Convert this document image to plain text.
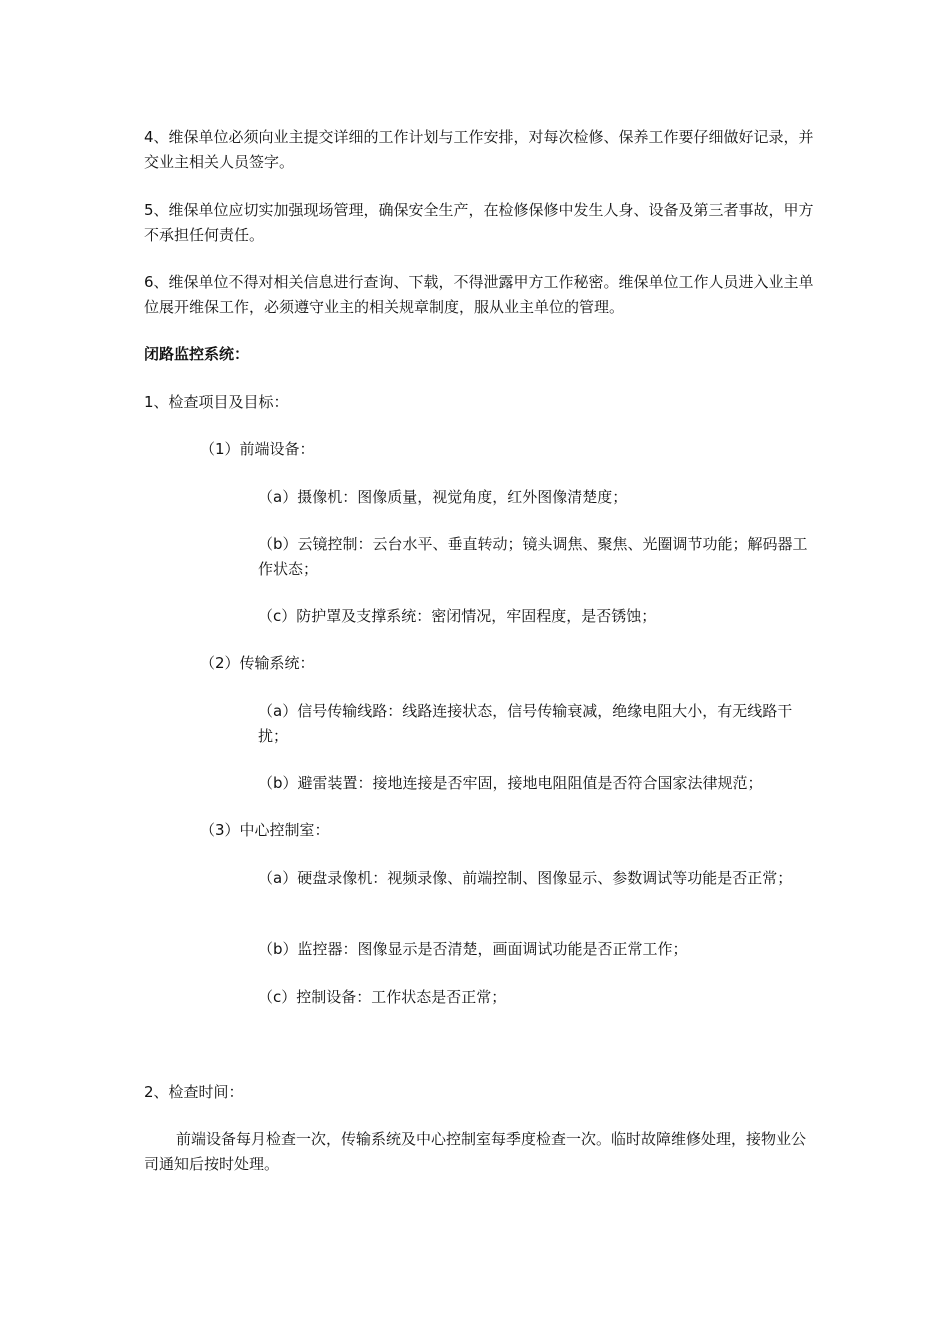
4、维保单位必须向业主提交详细的工作计划与工作安排，对每次检修、保养工作要仔细做好记录，并交业主相关人员签字。

5、维保单位应切实加强现场管理，确保安全生产，在检修保修中发生人身、设备及第三者事故，甲方不承担任何责任。

6、维保单位不得对相关信息进行查询、下载，不得泄露甲方工作秘密。维保单位工作人员进入业主单位展开维保工作，必须遵守业主的相关规章制度，服从业主单位的管理。

闭路监控系统：

1、检查项目及目标：

（1）前端设备：

（a）摄像机：图像质量，视觉角度，红外图像清楚度；

（b）云镜控制：云台水平、垂直转动；镜头调焦、聚焦、光圈调节功能；解码器工作状态；

（c）防护罩及支撑系统：密闭情况，牢固程度，是否锈蚀；

（2）传输系统：

（a）信号传输线路：线路连接状态，信号传输衰减，绝缘电阻大小，有无线路干扰；

（b）避雷装置：接地连接是否牢固，接地电阻阻值是否符合国家法律规范；

（3）中心控制室：

（a）硬盘录像机：视频录像、前端控制、图像显示、参数调试等功能是否正常；

（b）监控器：图像显示是否清楚，画面调试功能是否正常工作；

（c）控制设备：工作状态是否正常；

2、检查时间：

前端设备每月检查一次，传输系统及中心控制室每季度检查一次。临时故障维修处理，接物业公司通知后按时处理。
